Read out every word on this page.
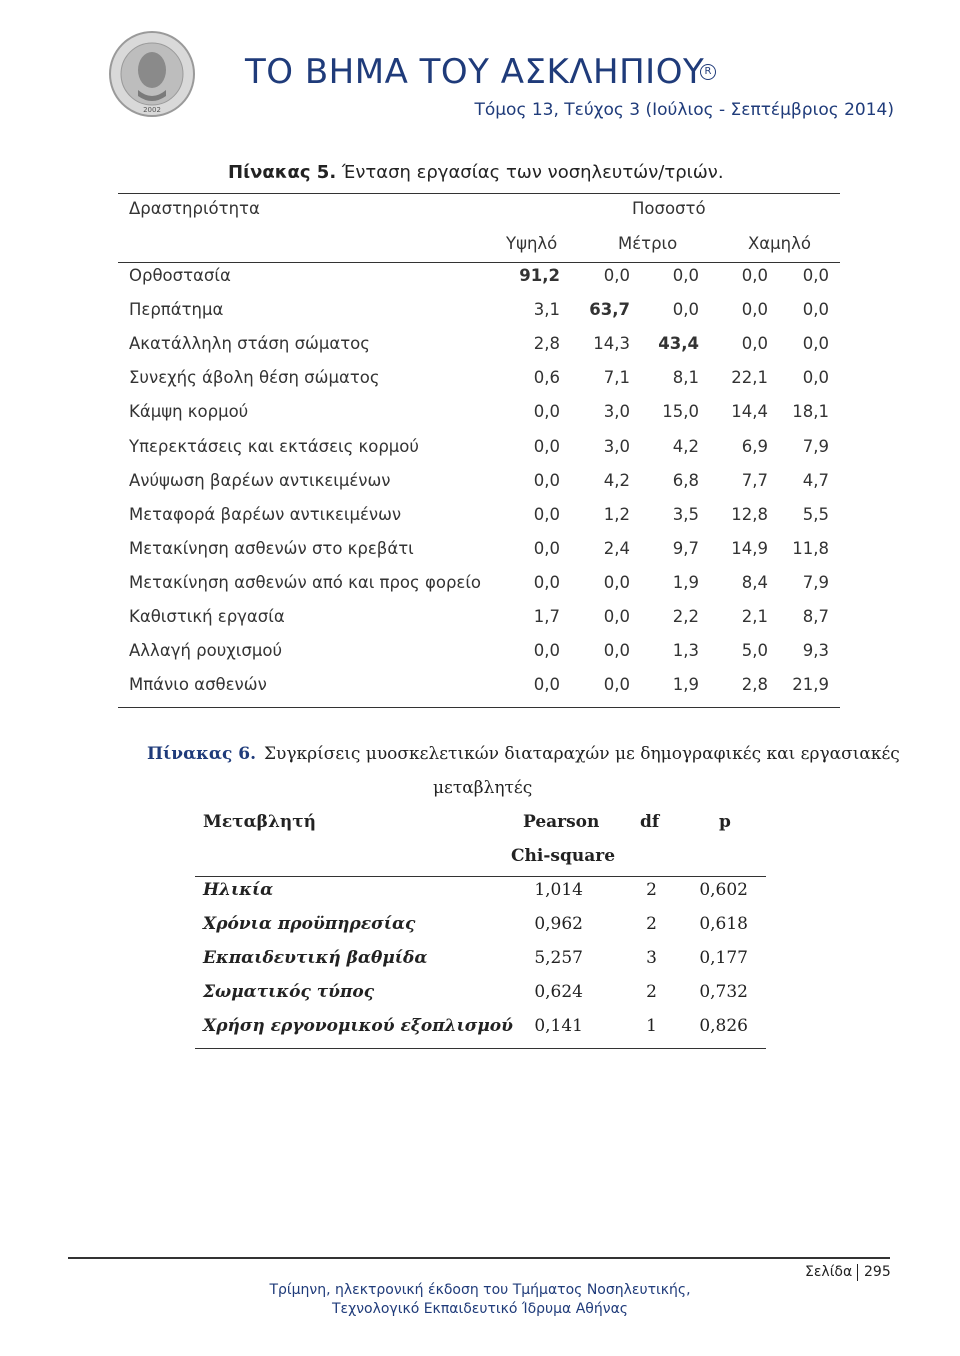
2002
ΤΟ ΒΗΜΑ ΤΟΥ ΑΣΚΛΗΠΙΟΥ R
Τόμος 13, Τεύχος 3 (Ιούλιος - Σεπτέμβριος 2014)
Πίνακας 5. Ένταση εργασίας των νοσηλευτών/τριών.
Δραστηριότητα	Ποσοστό
Υψηλό	Μέτριο	Χαμηλό
Ορθοστασία	91,2	0,0	0,0	0,0	0,0
Περπάτημα	3,1	63,7	0,0	0,0	0,0
Ακατάλληλη στάση σώματος	2,8	14,3	43,4	0,0	0,0
Συνεχής άβολη θέση σώματος	0,6	7,1	8,1	22,1	0,0
Κάμψη κορμού	0,0	3,0	15,0	14,4	18,1
Υπερεκτάσεις και εκτάσεις κορμού	0,0	3,0	4,2	6,9	7,9
Ανύψωση βαρέων αντικειμένων	0,0	4,2	6,8	7,7	4,7
Μεταφορά βαρέων αντικειμένων	0,0	1,2	3,5	12,8	5,5
Μετακίνηση ασθενών στο κρεβάτι	0,0	2,4	9,7	14,9	11,8
Μετακίνηση ασθενών από και προς φορείο	0,0	0,0	1,9	8,4	7,9
Καθιστική εργασία	1,7	0,0	2,2	2,1	8,7
Αλλαγή ρουχισμού	0,0	0,0	1,3	5,0	9,3
Μπάνιο ασθενών	0,0	0,0	1,9	2,8	21,9
Πίνακας 6. Συγκρίσεις μυοσκελετικών διαταραχών με δημογραφικές και εργασιακές
μεταβλητές
Μεταβλητή	Pearson
Chi-square
df	p
Ηλικία	1,014	2	0,602
Χρόνια προϋπηρεσίας	0,962	2	0,618
Εκπαιδευτική βαθμίδα	5,257	3	0,177
Σωματικός τύπος	0,624	2	0,732
Χρήση εργονομικού εξοπλισμού	0,141	1	0,826
Σελίδα 295
Τρίμηνη, ηλεκτρονική έκδοση του Τμήματος Νοσηλευτικής,
Τεχνολογικό Εκπαιδευτικό Ίδρυμα Αθήνας
